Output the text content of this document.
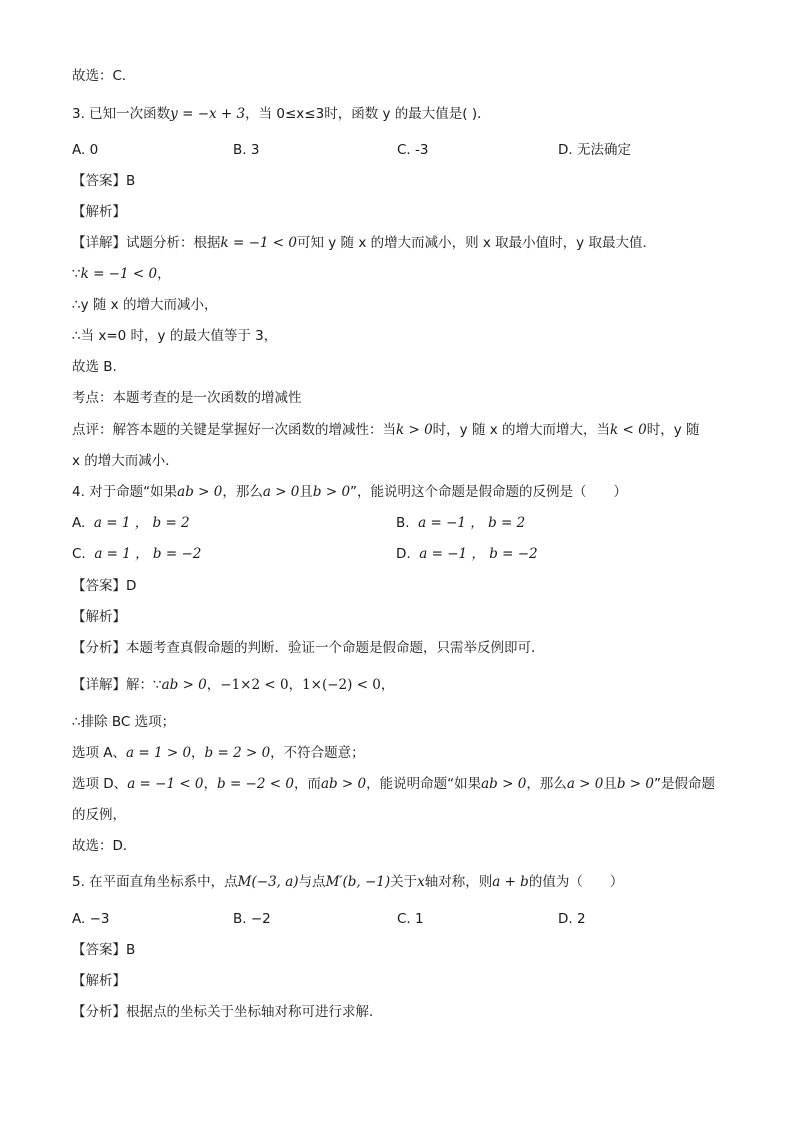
故选：C．
3. 已知一次函数y = −x + 3，当 0≤x≤3时，函数 y 的最大值是( )．
A. 0	B. 3	C. -3	D. 无法确定
【答案】B
【解析】
【详解】试题分析：根据k = −1 < 0可知 y 随 x 的增大而减小，则 x 取最小值时，y 取最大值．
∵k = −1 < 0，
∴y 随 x 的增大而减小，
∴当 x=0 时，y 的最大值等于 3，
故选 B.
考点：本题考查的是一次函数的增减性
点评：解答本题的关键是掌握好一次函数的增减性：当k > 0时，y 随 x 的增大而增大，当k < 0时，y 随
x 的增大而减小．
4. 对于命题“如果ab > 0，那么a > 0且b > 0”，能说明这个命题是假命题的反例是（　　）
A. a = 1 ， b = 2	B. a = −1 ， b = 2
C. a = 1 ， b = −2	D. a = −1 ， b = −2
【答案】D
【解析】
【分析】本题考查真假命题的判断．验证一个命题是假命题，只需举反例即可．
【详解】解：∵ab > 0，−1×2 < 0，1×(−2) < 0，
∴排除 BC 选项；
选项 A、a = 1 > 0，b = 2 > 0，不符合题意；
选项 D、a = −1 < 0，b = −2 < 0，而ab > 0，能说明命题“如果ab > 0，那么a > 0且b > 0”是假命题
的反例，
故选：D．
5. 在平面直角坐标系中，点M(−3, a)与点M′(b, −1)关于x轴对称，则a + b的值为（　　）
A. −3	B. −2	C. 1	D. 2
【答案】B
【解析】
【分析】根据点的坐标关于坐标轴对称可进行求解．
